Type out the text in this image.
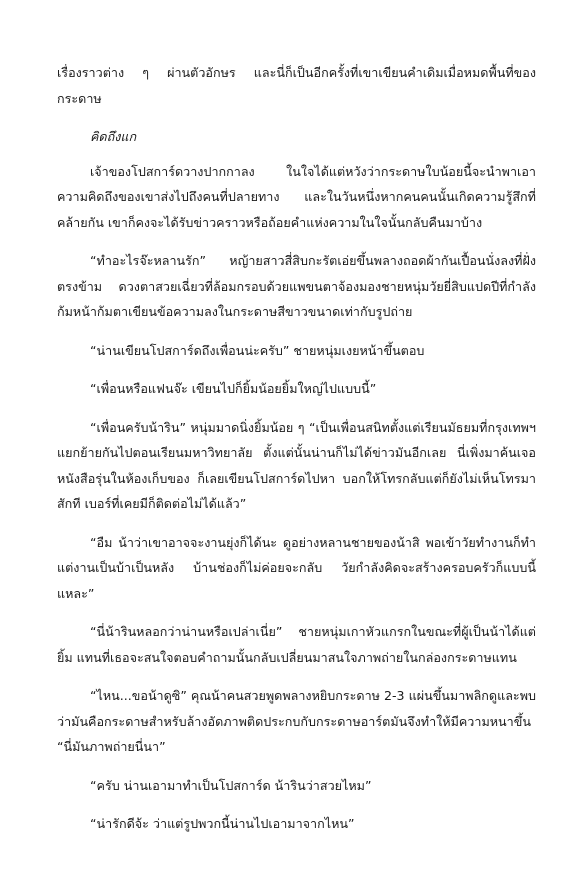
เรื่องราวต่าง ๆ ผ่านตัวอักษร และนี่ก็เป็นอีกครั้งที่เขาเขียนคำเดิมเมื่อหมดพื้นที่ของกระดาษ

คิดถึงแก

เจ้าของโปสการ์ดวางปากกาลง ในใจได้แต่หวังว่ากระดาษใบน้อยนี้จะนำพาเอาความคิดถึงของเขาส่งไปถึงคนที่ปลายทาง และในวันหนึ่งหากคนคนนั้นเกิดความรู้สึกที่คล้ายกัน เขาก็คงจะได้รับข่าวคราวหรือถ้อยคำแห่งความในใจนั้นกลับคืนมาบ้าง

“ทำอะไรจ๊ะหลานรัก” หญ้ายสาวสี่สิบกะรัตเอ่ยขึ้นพลางถอดผ้ากันเปื้อนนั่งลงที่ฝั่งตรงข้าม ดวงตาสวยเฉี่ยวที่ล้อมกรอบด้วยแพขนตาจ้องมองชายหนุ่มวัยยี่สิบแปดปีที่กำลังก้มหน้าก้มตาเขียนข้อความลงในกระดาษสีขาวขนาดเท่ากับรูปถ่าย

“น่านเขียนโปสการ์ดถึงเพื่อนน่ะครับ” ชายหนุ่มเงยหน้าขึ้นตอบ

“เพื่อนหรือแฟนจ๊ะ เขียนไปก็ยิ้มน้อยยิ้มใหญ่ไปแบบนี้”

“เพื่อนครับน้าริน” หนุ่มมาดนิ่งยิ้มน้อย ๆ “เป็นเพื่อนสนิทตั้งแต่เรียนมัธยมที่กรุงเทพฯ แยกย้ายกันไปตอนเรียนมหาวิทยาลัย ตั้งแต่นั้นน่านก็ไม่ได้ข่าวมันอีกเลย นี่เพิ่งมาค้นเจอหนังสือรุ่นในห้องเก็บของ ก็เลยเขียนโปสการ์ดไปหา บอกให้โทรกลับแต่ก็ยังไม่เห็นโทรมาสักที เบอร์ที่เคยมีก็ติดต่อไม่ได้แล้ว”

“อืม น้าว่าเขาอาจจะงานยุ่งก็ได้นะ ดูอย่างหลานชายของน้าสิ พอเข้าวัยทำงานก็ทำแต่งานเป็นบ้าเป็นหลัง บ้านช่องก็ไม่ค่อยจะกลับ วัยกำลังคิดจะสร้างครอบครัวก็แบบนี้แหละ”

“นี่น้ารินหลอกว่าน่านหรือเปล่าเนี่ย” ชายหนุ่มเกาหัวแกรกในขณะที่ผู้เป็นน้าได้แต่ยิ้ม แทนที่เธอจะสนใจตอบคำถามนั้นกลับเปลี่ยนมาสนใจภาพถ่ายในกล่องกระดาษแทน

“ไหน...ขอน้าดูซิ” คุณน้าคนสวยพูดพลางหยิบกระดาษ 2-3 แผ่นขึ้นมาพลิกดูและพบว่ามันคือกระดาษสำหรับล้างอัดภาพติดประกบกับกระดาษอาร์ตมันจึงทำให้มีความหนาขึ้น “นี่มันภาพถ่ายนี่นา”

“ครับ น่านเอามาทำเป็นโปสการ์ด น้ารินว่าสวยไหม”

“น่ารักดีจ้ะ ว่าแต่รูปพวกนี้น่านไปเอามาจากไหน”
